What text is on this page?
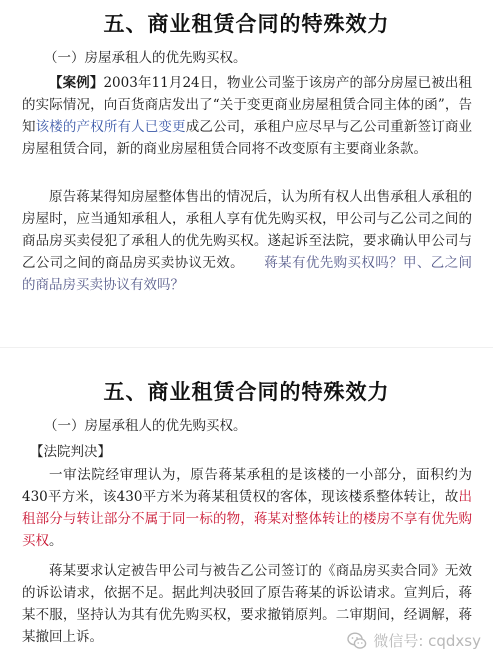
五、商业租赁合同的特殊效力
（一）房屋承租人的优先购买权。
【案例】2003年11月24日，物业公司鉴于该房产的部分房屋已被出租的实际情况，向百货商店发出了“关于变更商业房屋租赁合同主体的函”，告知该楼的产权所有人已变更成乙公司，承租户应尽早与乙公司重新签订商业房屋租赁合同，新的商业房屋租赁合同将不改变原有主要商业条款。
原告蒋某得知房屋整体售出的情况后，认为所有权人出售承租人承租的房屋时，应当通知承租人，承租人享有优先购买权，甲公司与乙公司之间的商品房买卖侵犯了承租人的优先购买权。遂起诉至法院，要求确认甲公司与乙公司之间的商品房买卖协议无效。 蒋某有优先购买权吗？甲、乙之间的商品房买卖协议有效吗？
五、商业租赁合同的特殊效力
（一）房屋承租人的优先购买权。
【法院判决】
一审法院经审理认为，原告蒋某承租的是该楼的一小部分，面积约为430平方米，该430平方米为蒋某租赁权的客体，现该楼系整体转让，故出租部分与转让部分不属于同一标的物，蒋某对整体转让的楼房不享有优先购买权。
蒋某要求认定被告甲公司与被告乙公司签订的《商品房买卖合同》无效的诉讼请求，依据不足。据此判决驳回了原告蒋某的诉讼请求。宣判后，蒋某不服，坚持认为其有优先购买权，要求撤销原判。二审期间，经调解，蒋某撤回上诉。	微信号: cqdxsy
